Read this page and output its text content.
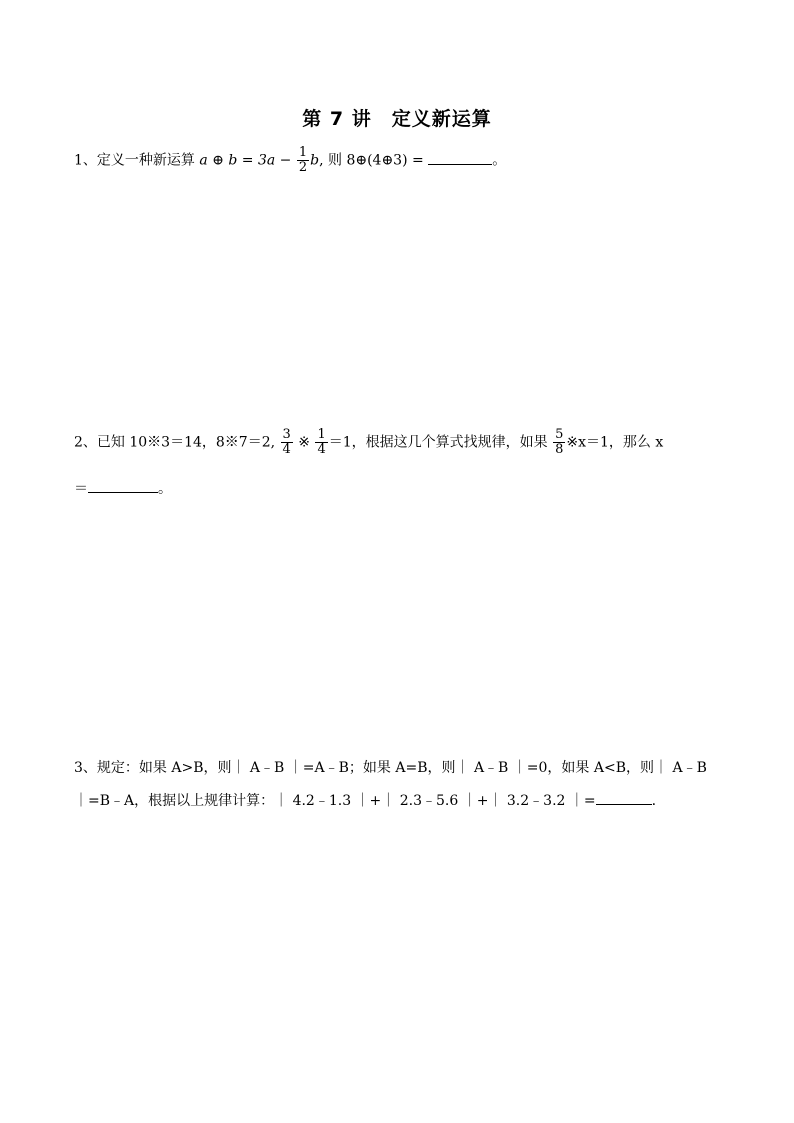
第 7 讲 定义新运算
1、定义一种新运算 a ⊕ $b = 3a - \frac{1}{2} b$, 则 8⊕(4⊕3) =	。
2、已知 10※3＝14，8※7＝2, $\frac{3}{4}$ ※ $\frac{1}{4} =1$，根据这几个算式找规律，如果 $\frac{5}{8}$ ※x＝1，那么 x
＝	。
3、规定：如果 A>B，则｜ A﹣B ｜=A﹣B；如果 A=B，则｜ A﹣B ｜=0，如果 A<B，则｜ A﹣B
｜=B﹣A，根据以上规律计算：｜ 4.2﹣1.3 ｜+｜ 2.3﹣5.6 ｜+｜ 3.2﹣3.2 ｜=	.
